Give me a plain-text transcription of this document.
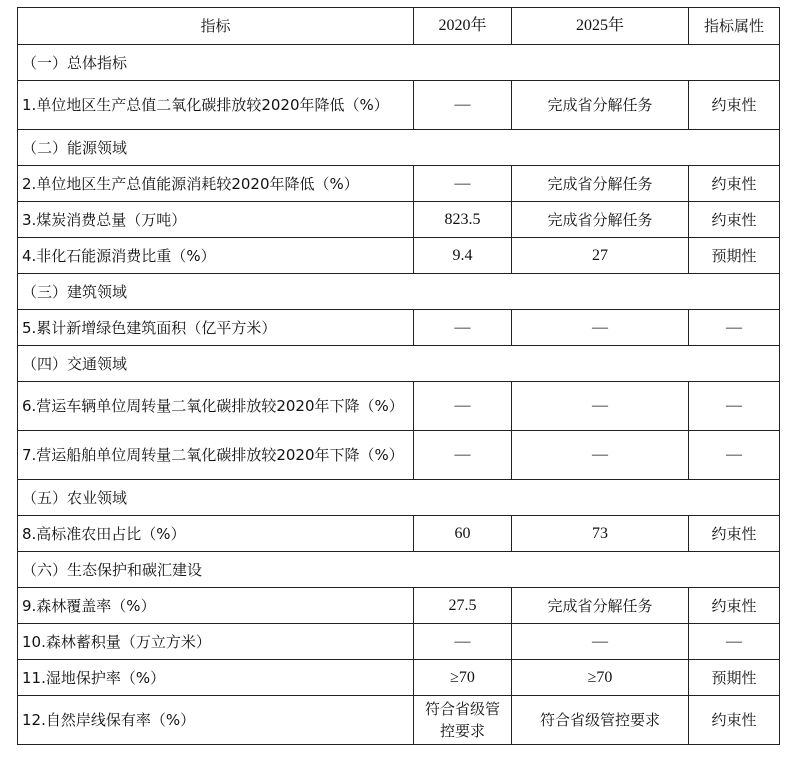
指标	2020年	2025年	指标属性
（一）总体指标			
1.单位地区生产总值二氧化碳排放较2020年降低（%）	—	完成省分解任务	约束性
（二）能源领域			
2.单位地区生产总值能源消耗较2020年降低（%）	—	完成省分解任务	约束性
3.煤炭消费总量（万吨）	823.5	完成省分解任务	约束性
4.非化石能源消费比重（%）	9.4	27	预期性
（三）建筑领域			
5.累计新增绿色建筑面积（亿平方米）	—	—	—
（四）交通领域			
6.营运车辆单位周转量二氧化碳排放较2020年下降（%）	—	—	—
7.营运船舶单位周转量二氧化碳排放较2020年下降（%）	—	—	—
（五）农业领域			
8.高标准农田占比（%）	60	73	约束性
（六）生态保护和碳汇建设			
9.森林覆盖率（%）	27.5	完成省分解任务	约束性
10.森林蓄积量（万立方米）	—	—	—
11.湿地保护率（%）	≥70	≥70	预期性
12.自然岸线保有率（%）	符合省级管控要求	符合省级管控要求	约束性
